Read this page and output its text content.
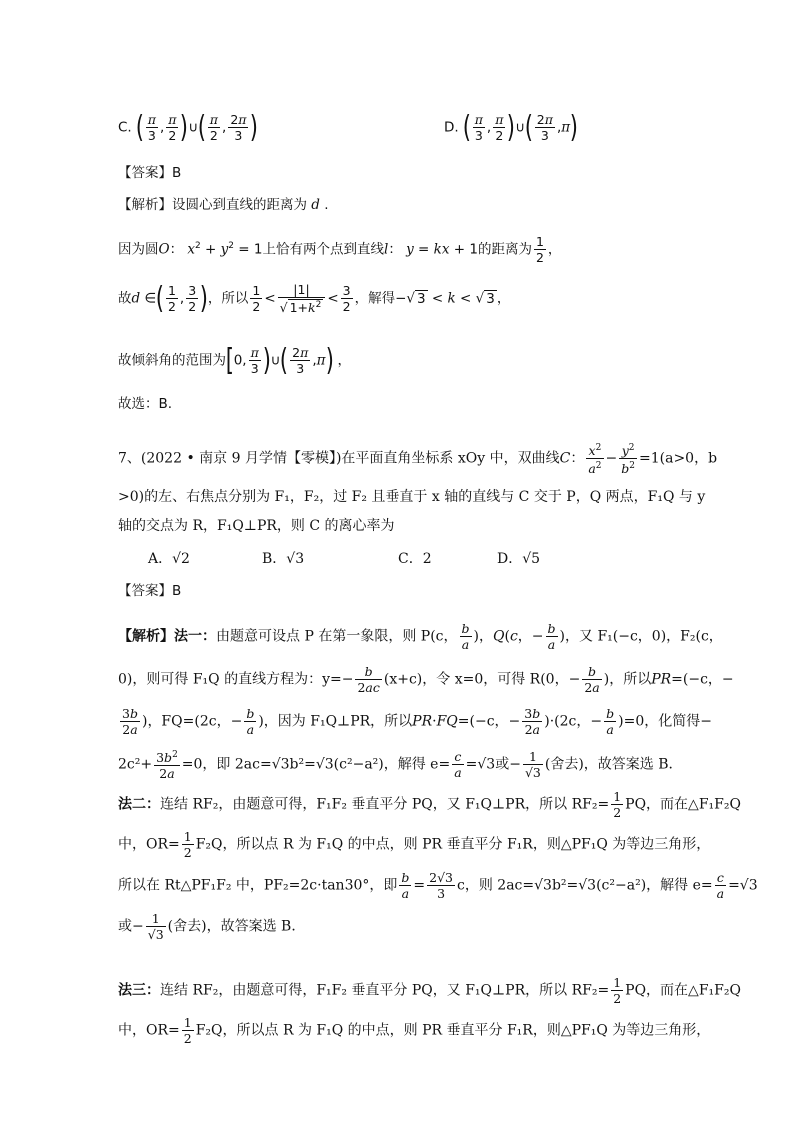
C. ( $\frac{\pi}{3}$ , $\frac{\pi}{2}$ )∪( $\frac{\pi}{2}$ , $\frac{2\pi}{3}$ )	D. ( $\frac{\pi}{3}$ , $\frac{\pi}{2}$ )∪( $\frac{2\pi}{3} ,\pi$)
【答案】B
【解析】设圆心到直线的距离为 d .
因为圆O： $x^2 + y^2 = 1$上恰有两个点到直线l： y = kx + 1的距离为 $\frac{1}{2}$ ，
故d ∈( $\frac{1}{2}$ , $\frac{3}{2}$ )，所以 $\frac{1}{2} < \frac{|1|}{√ 1+k^2} < \frac{3}{2}$ ，解得−√ 3 < k < √ 3 ，
故倾斜角的范围为[0, $\frac{\pi}{3}$ )∪( $\frac{2\pi}{3} ,\pi$) ，
故选：B.
7、(2022 • 南京 9 月学情【零模】)在平面直角坐标系 xOy 中，双曲线C： $\frac{x^2}{a^2} - \frac{y^2}{b^2} =1(a>0$，b
>0)的左、右焦点分别为 F₁，F₂，过 F₂ 且垂直于 x 轴的直线与 C 交于 P，Q 两点，F₁Q 与 y
轴的交点为 R，F₁Q⊥PR，则 C 的离心率为
A．√2	B．√3	C．2	D．√5
【答案】B
【解析】法一：由题意可设点 P 在第一象限，则 P(c， $\frac{b}{a}$ )，Q(c，− $\frac{b}{a}$ )，又 F₁(−c，0)，F₂(c，
0)，则可得 F₁Q 的直线方程为：$y=- \frac{b}{2ac} (x+c)$，令 x=0，可得 R(0，− $\frac{b}{2a}$ )，所以PR=(−c，−
$\frac{3b}{2a}$ )，FQ=(2c，− $\frac{b}{a}$ )，因为 F₁Q⊥PR，所以PR·FQ=(−c，− $\frac{3b}{2a} )\cdot(2c$，− $\frac{b}{a} )=0$，化简得−
$2c^2+ \frac{3b^2}{2a} =0$，即 2ac=√3b²=√3(c²−a²)，解得 $e= \frac{c}{a} =√3$或− $\frac{1}{√3}$ (舍去)，故答案选 B．
法二：连结 RF₂，由题意可得，F₁F₂ 垂直平分 PQ，又 F₁Q⊥PR，所以 $RF_2= \frac{1}{2}$ PQ，而在△F₁F₂Q
中，$OR= \frac{1}{2} F_2Q$，所以点 R 为 F₁Q 的中点，则 PR 垂直平分 F₁R，则△PF₁Q 为等边三角形，
所以在 Rt△PF₁F₂ 中，PF₂=2c·tan30°，即 $\frac{b}{a} = \frac{2√3}{3}$ c，则 2ac=√3b²=√3(c²−a²)，解得 $e= \frac{c}{a} =√3$
或− $\frac{1}{√3}$ (舍去)，故答案选 B．
法三：连结 RF₂，由题意可得，F₁F₂ 垂直平分 PQ，又 F₁Q⊥PR，所以 $RF_2= \frac{1}{2}$ PQ，而在△F₁F₂Q
中，$OR= \frac{1}{2} F_2Q$，所以点 R 为 F₁Q 的中点，则 PR 垂直平分 F₁R，则△PF₁Q 为等边三角形，
